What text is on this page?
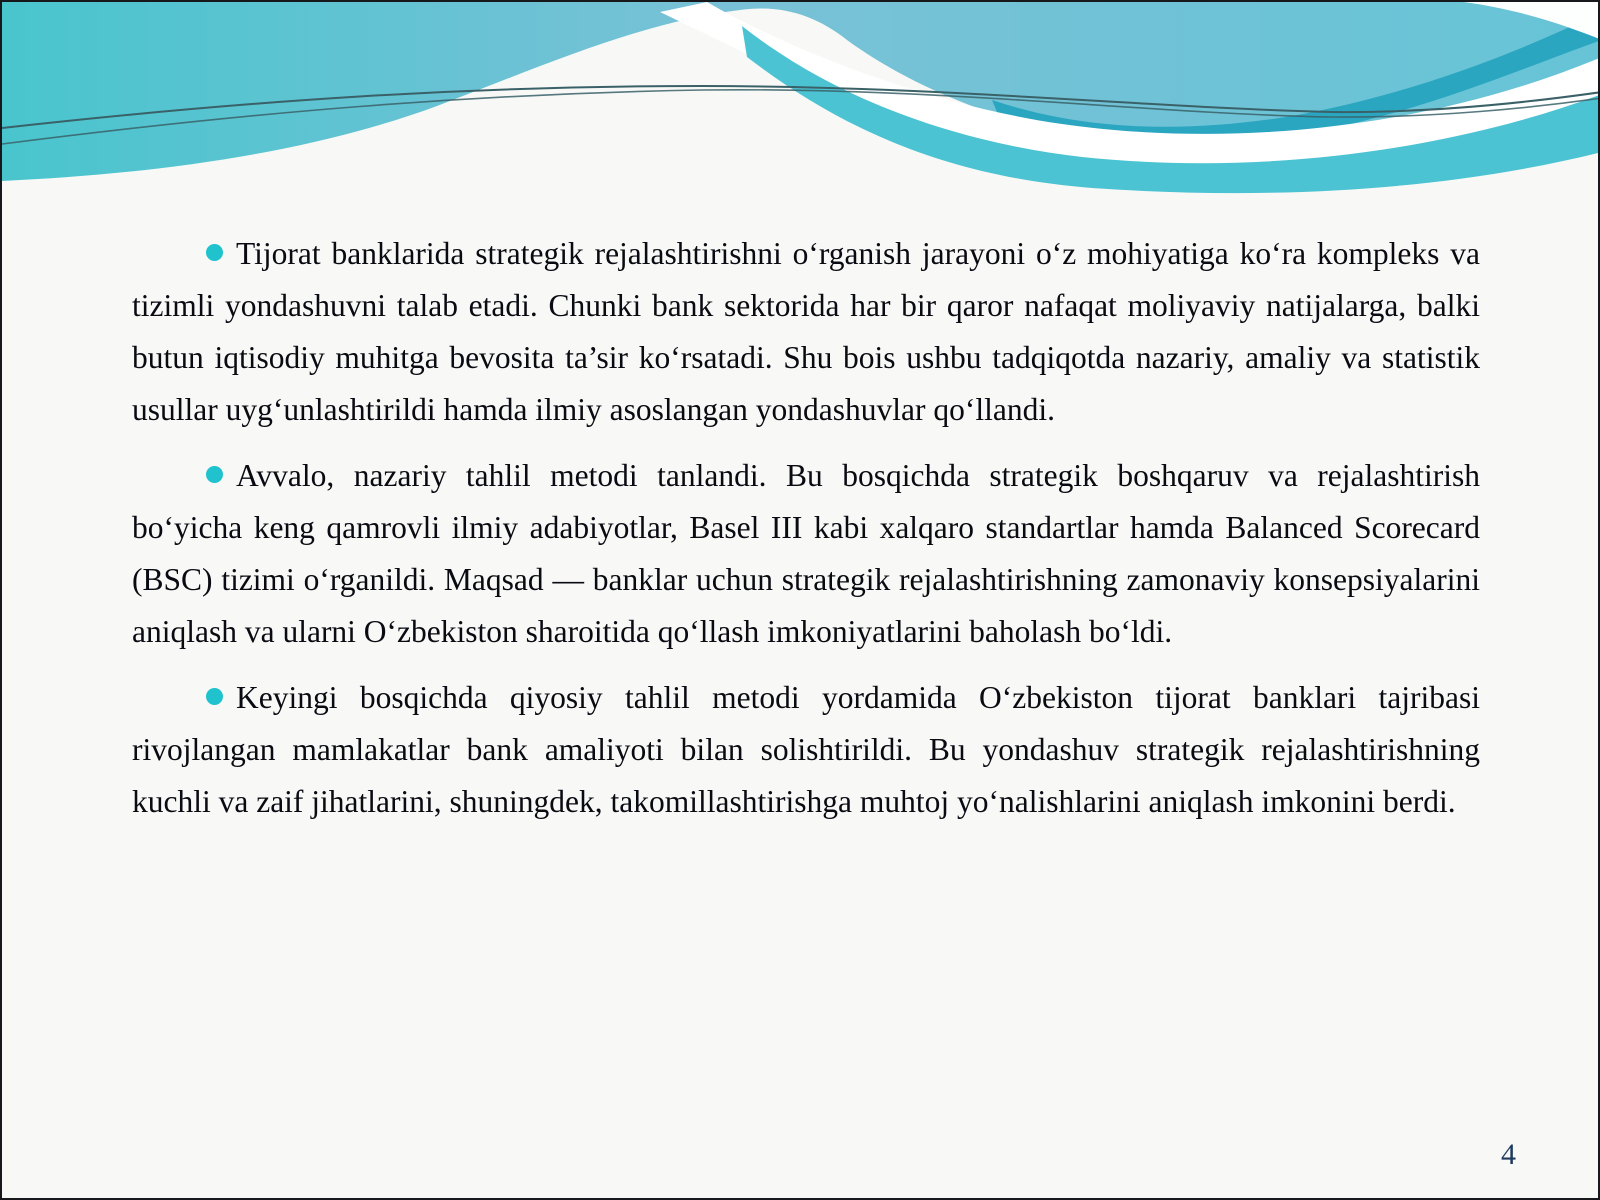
Tijorat banklarida strategik rejalashtirishni o‘rganish jarayoni o‘z mohiyatiga ko‘ra kompleks va tizimli yondashuvni talab etadi. Chunki bank sektorida har bir qaror nafaqat moliyaviy natijalarga, balki butun iqtisodiy muhitga bevosita ta’sir ko‘rsatadi. Shu bois ushbu tadqiqotda nazariy, amaliy va statistik usullar uyg‘unlashtirildi hamda ilmiy asoslangan yondashuvlar qo‘llandi.

Avvalo, nazariy tahlil metodi tanlandi. Bu bosqichda strategik boshqaruv va rejalashtirish bo‘yicha keng qamrovli ilmiy adabiyotlar, Basel III kabi xalqaro standartlar hamda Balanced Scorecard (BSC) tizimi o‘rganildi. Maqsad — banklar uchun strategik rejalashtirishning zamonaviy konsepsiyalarini aniqlash va ularni O‘zbekiston sharoitida qo‘llash imkoniyatlarini baholash bo‘ldi.

Keyingi bosqichda qiyosiy tahlil metodi yordamida O‘zbekiston tijorat banklari tajribasi rivojlangan mamlakatlar bank amaliyoti bilan solishtirildi. Bu yondashuv strategik rejalashtirishning kuchli va zaif jihatlarini, shuningdek, takomillashtirishga muhtoj yo‘nalishlarini aniqlash imkonini berdi.

4
